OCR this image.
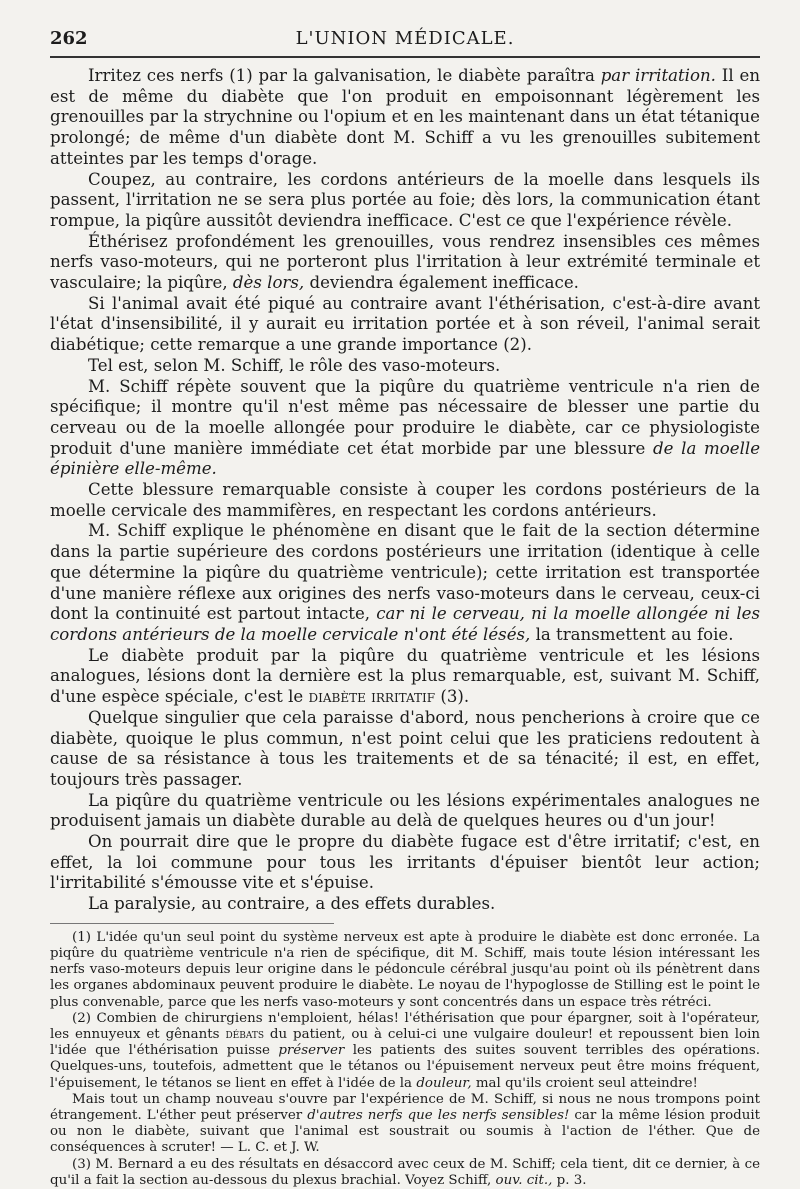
262	L'UNION MÉDICALE.

Irritez ces nerfs (1) par la galvanisation, le diabète paraîtra par irritation. Il en est de même du diabète que l'on produit en empoisonnant légèrement les grenouilles par la strychnine ou l'opium et en les maintenant dans un état tétanique prolongé; de même d'un diabète dont M. Schiff a vu les grenouilles subitement atteintes par les temps d'orage.

Coupez, au contraire, les cordons antérieurs de la moelle dans lesquels ils passent, l'irritation ne se sera plus portée au foie; dès lors, la communication étant rompue, la piqûre aussitôt deviendra inefficace. C'est ce que l'expérience révèle.

Éthérisez profondément les grenouilles, vous rendrez insensibles ces mêmes nerfs vaso-moteurs, qui ne porteront plus l'irritation à leur extrémité terminale et vasculaire; la piqûre, dès lors, deviendra également inefficace.

Si l'animal avait été piqué au contraire avant l'éthérisation, c'est-à-dire avant l'état d'insensibilité, il y aurait eu irritation portée et à son réveil, l'animal serait diabétique; cette remarque a une grande importance (2).

Tel est, selon M. Schiff, le rôle des vaso-moteurs.

M. Schiff répète souvent que la piqûre du quatrième ventricule n'a rien de spécifique; il montre qu'il n'est même pas nécessaire de blesser une partie du cerveau ou de la moelle allongée pour produire le diabète, car ce physiologiste produit d'une manière immédiate cet état morbide par une blessure de la moelle épinière elle-même.

Cette blessure remarquable consiste à couper les cordons postérieurs de la moelle cervicale des mammifères, en respectant les cordons antérieurs.

M. Schiff explique le phénomène en disant que le fait de la section détermine dans la partie supérieure des cordons postérieurs une irritation (identique à celle que détermine la piqûre du quatrième ventricule); cette irritation est transportée d'une manière réflexe aux origines des nerfs vaso-moteurs dans le cerveau, ceux-ci dont la continuité est partout intacte, car ni le cerveau, ni la moelle allongée ni les cordons antérieurs de la moelle cervicale n'ont été lésés, la transmettent au foie.

Le diabète produit par la piqûre du quatrième ventricule et les lésions analogues, lésions dont la dernière est la plus remarquable, est, suivant M. Schiff, d'une espèce spéciale, c'est le diabète irritatif (3).

Quelque singulier que cela paraisse d'abord, nous pencherions à croire que ce diabète, quoique le plus commun, n'est point celui que les praticiens redoutent à cause de sa résistance à tous les traitements et de sa ténacité; il est, en effet, toujours très passager.

La piqûre du quatrième ventricule ou les lésions expérimentales analogues ne produisent jamais un diabète durable au delà de quelques heures ou d'un jour!

On pourrait dire que le propre du diabète fugace est d'être irritatif; c'est, en effet, la loi commune pour tous les irritants d'épuiser bientôt leur action; l'irritabilité s'émousse vite et s'épuise.

La paralysie, au contraire, a des effets durables.

(1) L'idée qu'un seul point du système nerveux est apte à produire le diabète est donc erronée. La piqûre du quatrième ventricule n'a rien de spécifique, dit M. Schiff, mais toute lésion intéressant les nerfs vaso-moteurs depuis leur origine dans le pédoncule cérébral jusqu'au point où ils pénètrent dans les organes abdominaux peuvent produire le diabète. Le noyau de l'hypoglosse de Stilling est le point le plus convenable, parce que les nerfs vaso-moteurs y sont concentrés dans un espace très rétréci.

(2) Combien de chirurgiens n'emploient, hélas! l'éthérisation que pour épargner, soit à l'opérateur, les ennuyeux et gênants débats du patient, ou à celui-ci une vulgaire douleur! et repoussent bien loin l'idée que l'éthérisation puisse préserver les patients des suites souvent terribles des opérations. Quelques-uns, toutefois, admettent que le tétanos ou l'épuisement nerveux peut être moins fréquent, l'épuisement, le tétanos se lient en effet à l'idée de la douleur, mal qu'ils croient seul atteindre!

Mais tout un champ nouveau s'ouvre par l'expérience de M. Schiff, si nous ne nous trompons point étrangement. L'éther peut préserver d'autres nerfs que les nerfs sensibles! car la même lésion produit ou non le diabète, suivant que l'animal est soustrait ou soumis à l'action de l'éther. Que de conséquences à scruter! — L. C. et J. W.

(3) M. Bernard a eu des résultats en désaccord avec ceux de M. Schiff; cela tient, dit ce dernier, à ce qu'il a fait la section au-dessous du plexus brachial. Voyez Schiff, ouv. cit., p. 3.
